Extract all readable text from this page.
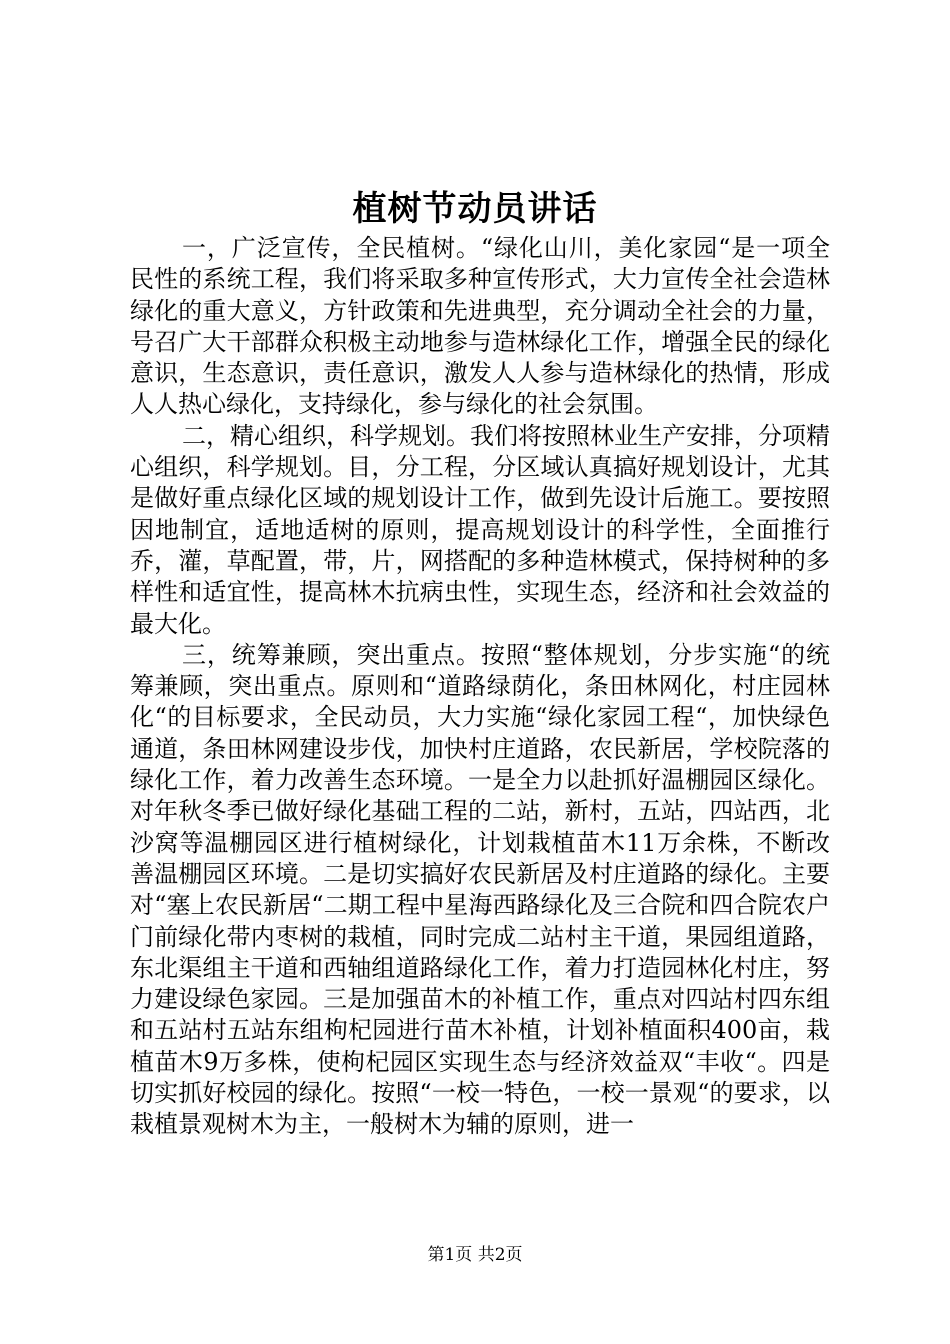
植树节动员讲话

一，广泛宣传，全民植树。“绿化山川，美化家园“是一项全民性的系统工程，我们将采取多种宣传形式，大力宣传全社会造林绿化的重大意义，方针政策和先进典型，充分调动全社会的力量，号召广大干部群众积极主动地参与造林绿化工作，增强全民的绿化意识，生态意识，责任意识，激发人人参与造林绿化的热情，形成人人热心绿化，支持绿化，参与绿化的社会氛围。

二，精心组织，科学规划。我们将按照林业生产安排，分项精心组织，科学规划。目，分工程，分区域认真搞好规划设计，尤其是做好重点绿化区域的规划设计工作，做到先设计后施工。要按照因地制宜，适地适树的原则，提高规划设计的科学性，全面推行乔，灌，草配置，带，片，网搭配的多种造林模式，保持树种的多样性和适宜性，提高林木抗病虫性，实现生态，经济和社会效益的最大化。

三，统筹兼顾，突出重点。按照“整体规划，分步实施“的统筹兼顾，突出重点。原则和“道路绿荫化，条田林网化，村庄园林化“的目标要求，全民动员，大力实施“绿化家园工程“，加快绿色通道，条田林网建设步伐，加快村庄道路，农民新居，学校院落的绿化工作，着力改善生态环境。一是全力以赴抓好温棚园区绿化。对年秋冬季已做好绿化基础工程的二站，新村，五站，四站西，北沙窝等温棚园区进行植树绿化，计划栽植苗木11万余株，不断改善温棚园区环境。二是切实搞好农民新居及村庄道路的绿化。主要对“塞上农民新居“二期工程中星海西路绿化及三合院和四合院农户门前绿化带内枣树的栽植，同时完成二站村主干道，果园组道路，东北渠组主干道和西轴组道路绿化工作，着力打造园林化村庄，努力建设绿色家园。三是加强苗木的补植工作，重点对四站村四东组和五站村五站东组枸杞园进行苗木补植，计划补植面积400亩，栽植苗木9万多株，使枸杞园区实现生态与经济效益双“丰收“。四是切实抓好校园的绿化。按照“一校一特色，一校一景观“的要求，以栽植景观树木为主，一般树木为辅的原则，进一

第1页 共2页
